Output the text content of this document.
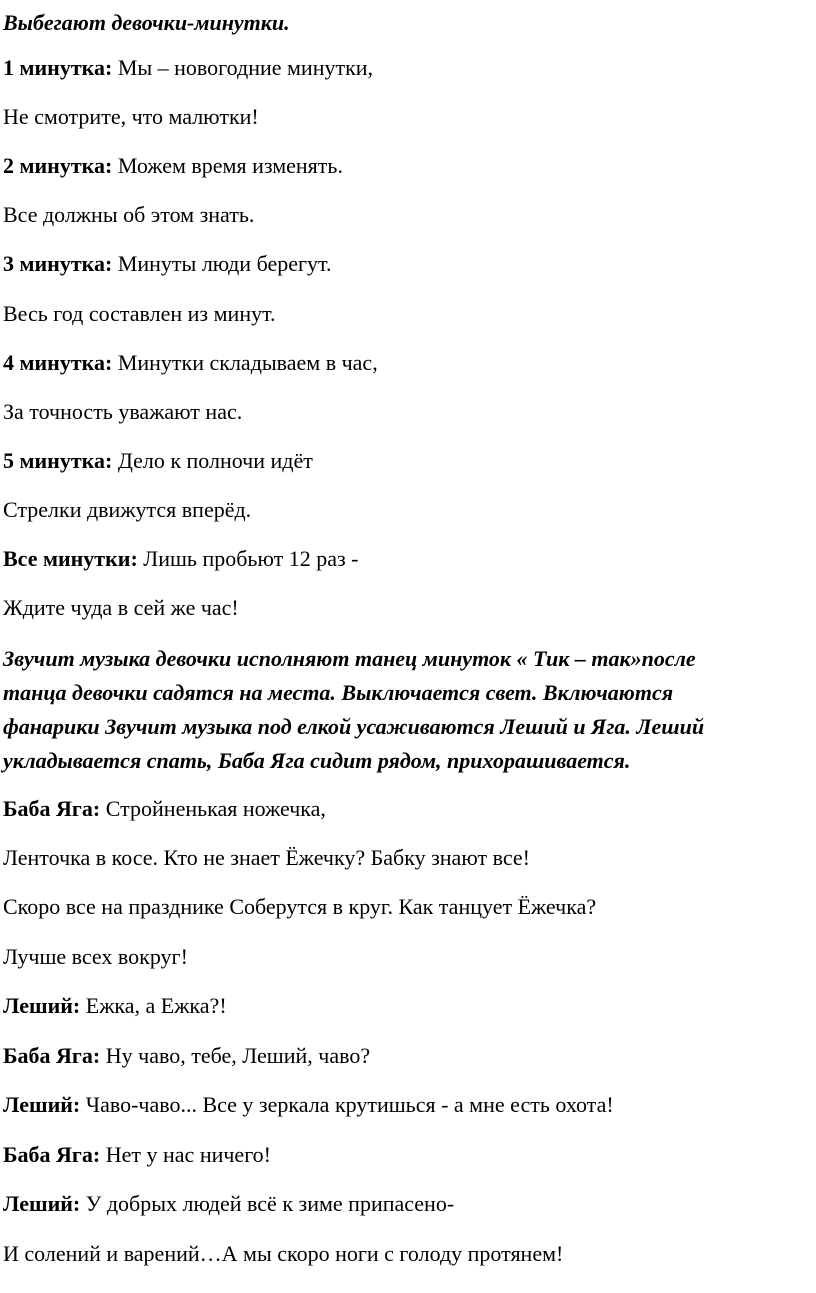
Выбегают девочки-минутки.
1 минутка: Мы – новогодние минутки,
Не смотрите, что малютки!
2 минутка: Можем время изменять.
Все должны об этом знать.
3 минутка: Минуты люди берегут.
Весь год составлен из минут.
4 минутка: Минутки складываем в час,
За точность уважают нас.
5 минутка: Дело к полночи идёт
Стрелки движутся вперёд.
Все минутки: Лишь пробьют 12 раз -
Ждите чуда в сей же час!
Звучит музыка девочки исполняют танец минуток « Тик – так»после
танца девочки садятся на места. Выключается свет. Включаются
фанарики Звучит музыка под елкой усаживаются Леший и Яга. Леший
укладывается спать, Баба Яга сидит рядом, прихорашивается.
Баба Яга: Стройненькая ножечка,
Ленточка в косе. Кто не знает Ёжечку? Бабку знают все!
Скоро все на празднике Соберутся в круг. Как танцует Ёжечка?
Лучше всех вокруг!
Леший: Ежка, а Ежка?!
Баба Яга: Ну чаво, тебе, Леший, чаво?
Леший: Чаво-чаво... Все у зеркала крутишься - а мне есть охота!
Баба Яга: Нет у нас ничего!
Леший: У добрых людей всё к зиме припасено-
И солений и варений…А мы скоро ноги с голоду протянем!
